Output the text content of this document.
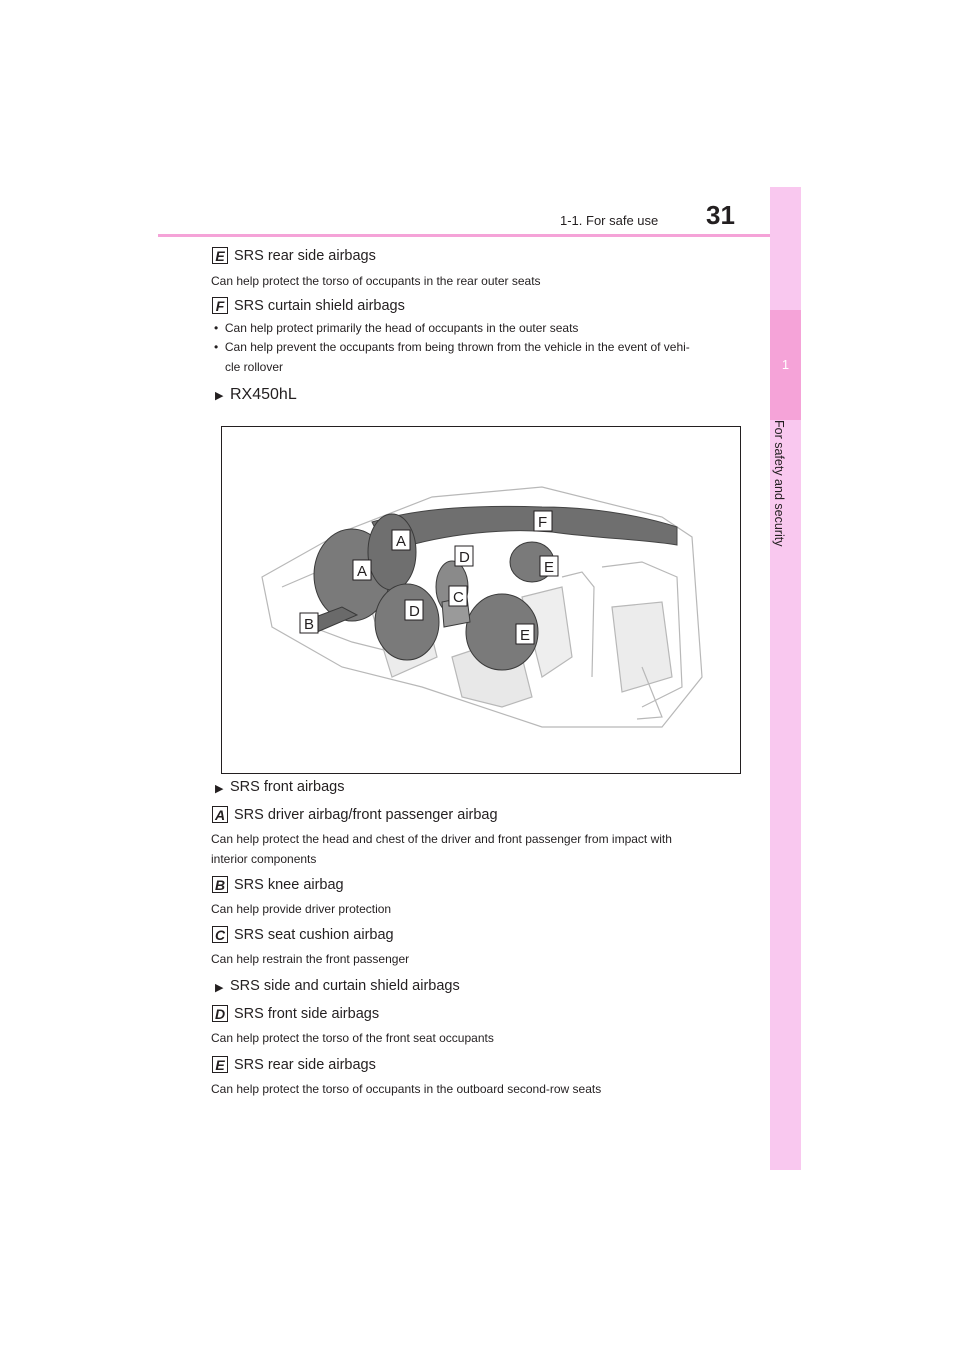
1-1. For safe use 31
1
For safety and security
E SRS rear side airbags
Can help protect the torso of occupants in the rear outer seats
F SRS curtain shield airbags
•  Can help protect primarily the head of occupants in the outer seats
•  Can help prevent the occupants from being thrown from the vehicle in the event of vehi-
cle rollover
▶ RX450hL
A
A
B
C
D
D
E
E
F
▶ SRS front airbags
A SRS driver airbag/front passenger airbag
Can help protect the head and chest of the driver and front passenger from impact with
interior components
B SRS knee airbag
Can help provide driver protection
C SRS seat cushion airbag
Can help restrain the front passenger
▶ SRS side and curtain shield airbags
D SRS front side airbags
Can help protect the torso of the front seat occupants
E SRS rear side airbags
Can help protect the torso of occupants in the outboard second-row seats
